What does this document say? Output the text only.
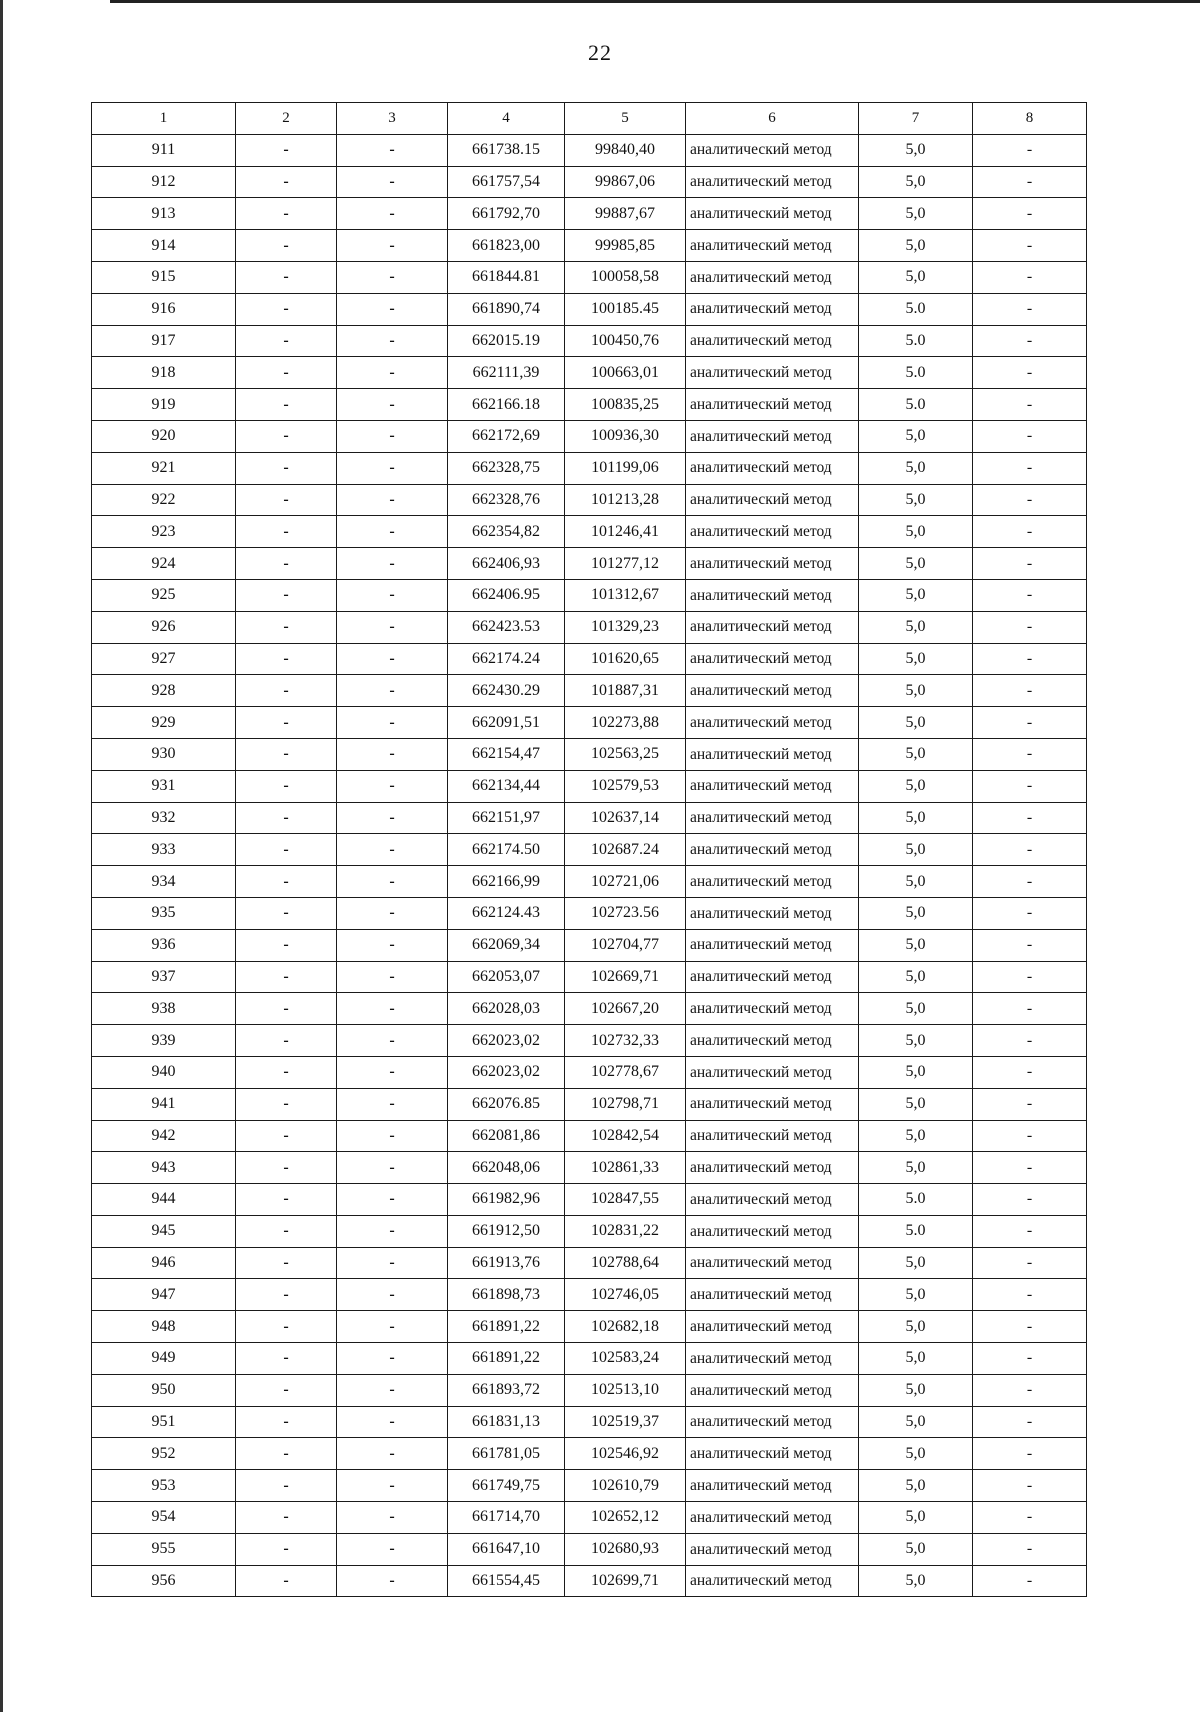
22
1	2	3	4	5	6	7	8
911	-	-	661738.15	99840,40	аналитический метод	5,0	-
912	-	-	661757,54	99867,06	аналитический метод	5,0	-
913	-	-	661792,70	99887,67	аналитический метод	5,0	-
914	-	-	661823,00	99985,85	аналитический метод	5,0	-
915	-	-	661844.81	100058,58	аналитический метод	5,0	-
916	-	-	661890,74	100185.45	аналитический метод	5.0	-
917	-	-	662015.19	100450,76	аналитический метод	5.0	-
918	-	-	662111,39	100663,01	аналитический метод	5.0	-
919	-	-	662166.18	100835,25	аналитический метод	5.0	-
920	-	-	662172,69	100936,30	аналитический метод	5,0	-
921	-	-	662328,75	101199,06	аналитический метод	5,0	-
922	-	-	662328,76	101213,28	аналитический метод	5,0	-
923	-	-	662354,82	101246,41	аналитический метод	5,0	-
924	-	-	662406,93	101277,12	аналитический метод	5,0	-
925	-	-	662406.95	101312,67	аналитический метод	5,0	-
926	-	-	662423.53	101329,23	аналитический метод	5,0	-
927	-	-	662174.24	101620,65	аналитический метод	5,0	-
928	-	-	662430.29	101887,31	аналитический метод	5,0	-
929	-	-	662091,51	102273,88	аналитический метод	5,0	-
930	-	-	662154,47	102563,25	аналитический метод	5,0	-
931	-	-	662134,44	102579,53	аналитический метод	5,0	-
932	-	-	662151,97	102637,14	аналитический метод	5,0	-
933	-	-	662174.50	102687.24	аналитический метод	5,0	-
934	-	-	662166,99	102721,06	аналитический метод	5,0	-
935	-	-	662124.43	102723.56	аналитический метод	5,0	-
936	-	-	662069,34	102704,77	аналитический метод	5,0	-
937	-	-	662053,07	102669,71	аналитический метод	5,0	-
938	-	-	662028,03	102667,20	аналитический метод	5,0	-
939	-	-	662023,02	102732,33	аналитический метод	5,0	-
940	-	-	662023,02	102778,67	аналитический метод	5,0	-
941	-	-	662076.85	102798,71	аналитический метод	5,0	-
942	-	-	662081,86	102842,54	аналитический метод	5,0	-
943	-	-	662048,06	102861,33	аналитический метод	5,0	-
944	-	-	661982,96	102847,55	аналитический метод	5.0	-
945	-	-	661912,50	102831,22	аналитический метод	5.0	-
946	-	-	661913,76	102788,64	аналитический метод	5,0	-
947	-	-	661898,73	102746,05	аналитический метод	5,0	-
948	-	-	661891,22	102682,18	аналитический метод	5,0	-
949	-	-	661891,22	102583,24	аналитический метод	5,0	-
950	-	-	661893,72	102513,10	аналитический метод	5,0	-
951	-	-	661831,13	102519,37	аналитический метод	5,0	-
952	-	-	661781,05	102546,92	аналитический метод	5,0	-
953	-	-	661749,75	102610,79	аналитический метод	5,0	-
954	-	-	661714,70	102652,12	аналитический метод	5,0	-
955	-	-	661647,10	102680,93	аналитический метод	5,0	-
956	-	-	661554,45	102699,71	аналитический метод	5,0	-
